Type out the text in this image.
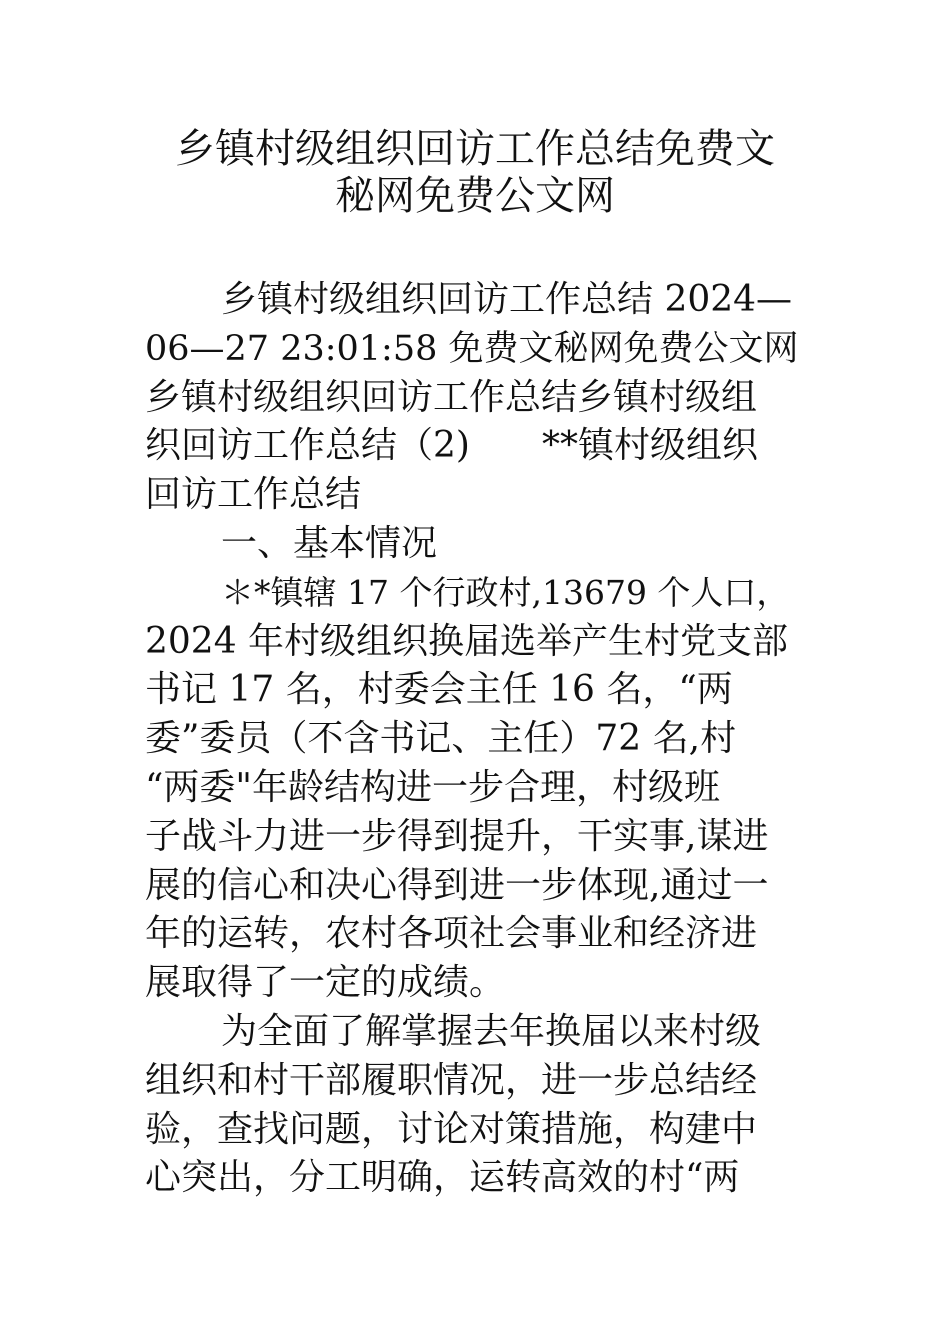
乡镇村级组织回访工作总结免费文
秘网免费公文网
乡镇村级组织回访工作总结 2024—
06—27 23:01:58 免费文秘网免费公文网
乡镇村级组织回访工作总结乡镇村级组
织回访工作总结（2)　　**镇村级组织
回访工作总结
一、基本情况
＊*镇辖 17 个行政村,13679 个人口，
2024 年村级组织换届选举产生村党支部
书记 17 名，村委会主任 16 名，“两
委”委员（不含书记、主任）72 名,村
“两委"年龄结构进一步合理，村级班
子战斗力进一步得到提升，干实事,谋进
展的信心和决心得到进一步体现,通过一
年的运转，农村各项社会事业和经济进
展取得了一定的成绩。
为全面了解掌握去年换届以来村级
组织和村干部履职情况，进一步总结经
验，查找问题，讨论对策措施，构建中
心突出，分工明确，运转高效的村“两
